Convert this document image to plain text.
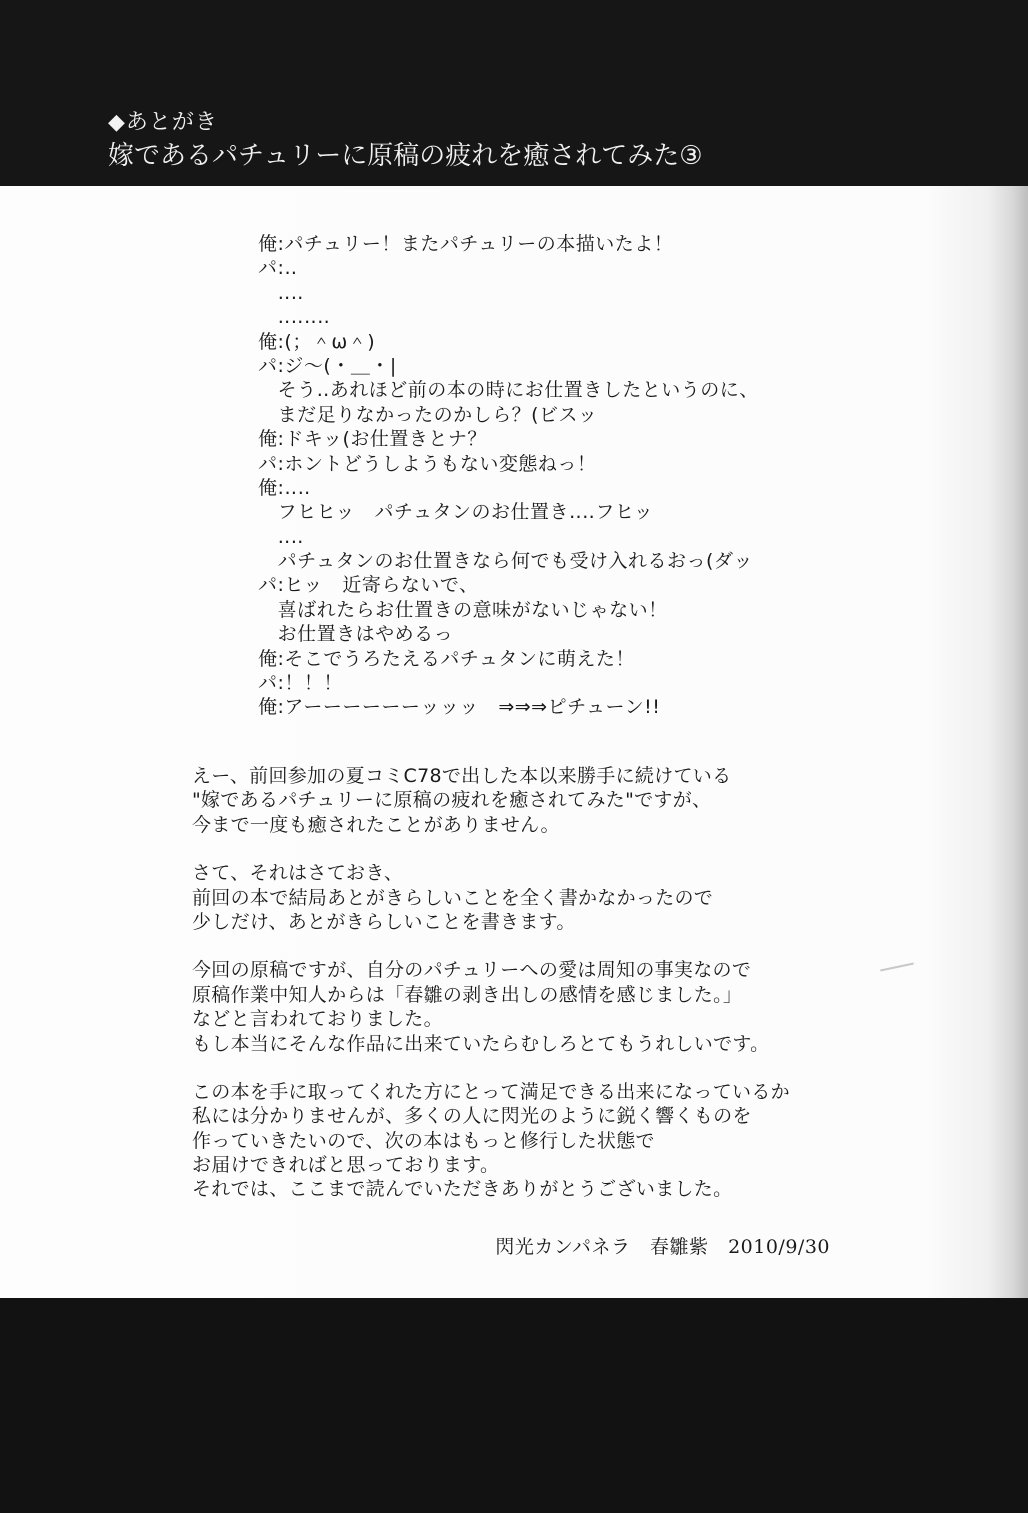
◆あとがき
嫁であるパチュリーに原稿の疲れを癒されてみた③
俺:パチュリー！またパチュリーの本描いたよ！
パ:‥
‥‥
‥‥‥‥
俺:(；＾ω＾)
パ:ジ〜(・＿・|
そう‥あれほど前の本の時にお仕置きしたというのに、
まだ足りなかったのかしら？(ビスッ
俺:ドキッ(お仕置きとナ？
パ:ホントどうしようもない変態ねっ！
俺:‥‥
フヒヒッ　パチュタンのお仕置き‥‥フヒッ
‥‥
パチュタンのお仕置きなら何でも受け入れるおっ(ダッ
パ:ヒッ　近寄らないで、
喜ばれたらお仕置きの意味がないじゃない！
お仕置きはやめるっ
俺:そこでうろたえるパチュタンに萌えた！
パ:！！！
俺:アーーーーーーッッッ　⇒⇒⇒ピチューン!!
えー、前回参加の夏コミC78で出した本以来勝手に続けている
"嫁であるパチュリーに原稿の疲れを癒されてみた"ですが、
今まで一度も癒されたことがありません。
さて、それはさておき、
前回の本で結局あとがきらしいことを全く書かなかったので
少しだけ、あとがきらしいことを書きます。
今回の原稿ですが、自分のパチュリーへの愛は周知の事実なので
原稿作業中知人からは「春雛の剥き出しの感情を感じました。」
などと言われておりました。
もし本当にそんな作品に出来ていたらむしろとてもうれしいです。
この本を手に取ってくれた方にとって満足できる出来になっているか
私には分かりませんが、多くの人に閃光のように鋭く響くものを
作っていきたいので、次の本はもっと修行した状態で
お届けできればと思っております。
それでは、ここまで読んでいただきありがとうございました。
閃光カンパネラ　 春雛紫　 2010/9/30
